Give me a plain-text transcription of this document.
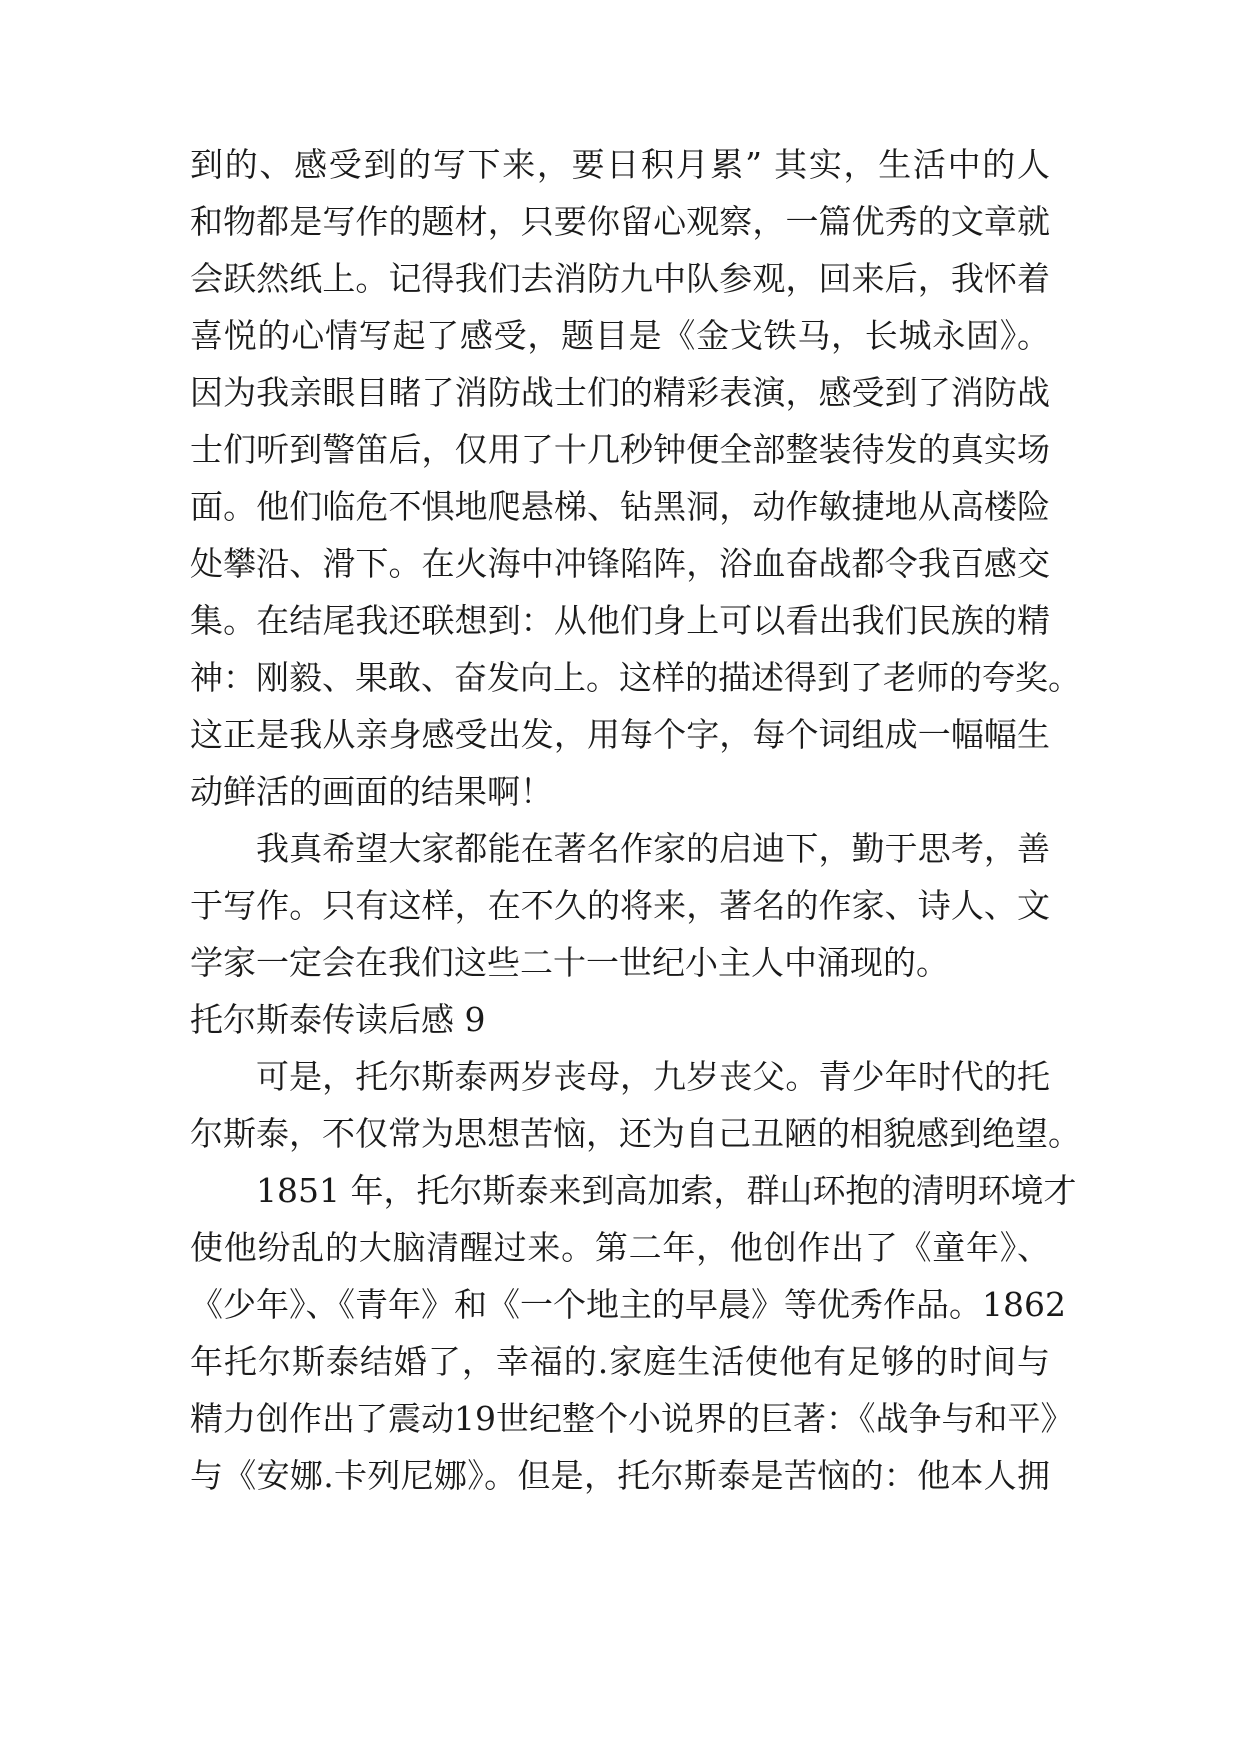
到的、感受到的写下来，要日积月累” 其实，生活中的人
和物都是写作的题材，只要你留心观察，一篇优秀的文章就
会跃然纸上。记得我们去消防九中队参观，回来后，我怀着
喜悦的心情写起了感受，题目是《金戈铁马，长城永固》。
因为我亲眼目睹了消防战士们的精彩表演，感受到了消防战
士们听到警笛后，仅用了十几秒钟便全部整装待发的真实场
面。他们临危不惧地爬悬梯、钻黑洞，动作敏捷地从高楼险
处攀沿、滑下。在火海中冲锋陷阵，浴血奋战都令我百感交
集。在结尾我还联想到：从他们身上可以看出我们民族的精
神：刚毅、果敢、奋发向上。这样的描述得到了老师的夸奖。
这正是我从亲身感受出发，用每个字，每个词组成一幅幅生
动鲜活的画面的结果啊！
我真希望大家都能在著名作家的启迪下，勤于思考，善
于写作。只有这样，在不久的将来，著名的作家、诗人、文
学家一定会在我们这些二十一世纪小主人中涌现的。
托尔斯泰传读后感 9
可是，托尔斯泰两岁丧母，九岁丧父。青少年时代的托
尔斯泰，不仅常为思想苦恼，还为自己丑陋的相貌感到绝望。
1851 年，托尔斯泰来到高加索，群山环抱的清明环境才
使他纷乱的大脑清醒过来。第二年，他创作出了《童年》、
《少年》、《青年》和《一个地主的早晨》等优秀作品。1862
年托尔斯泰结婚了，幸福的.家庭生活使他有足够的时间与
精力创作出了震动19世纪整个小说界的巨著：《战争与和平》
与《安娜.卡列尼娜》。但是，托尔斯泰是苦恼的：他本人拥
